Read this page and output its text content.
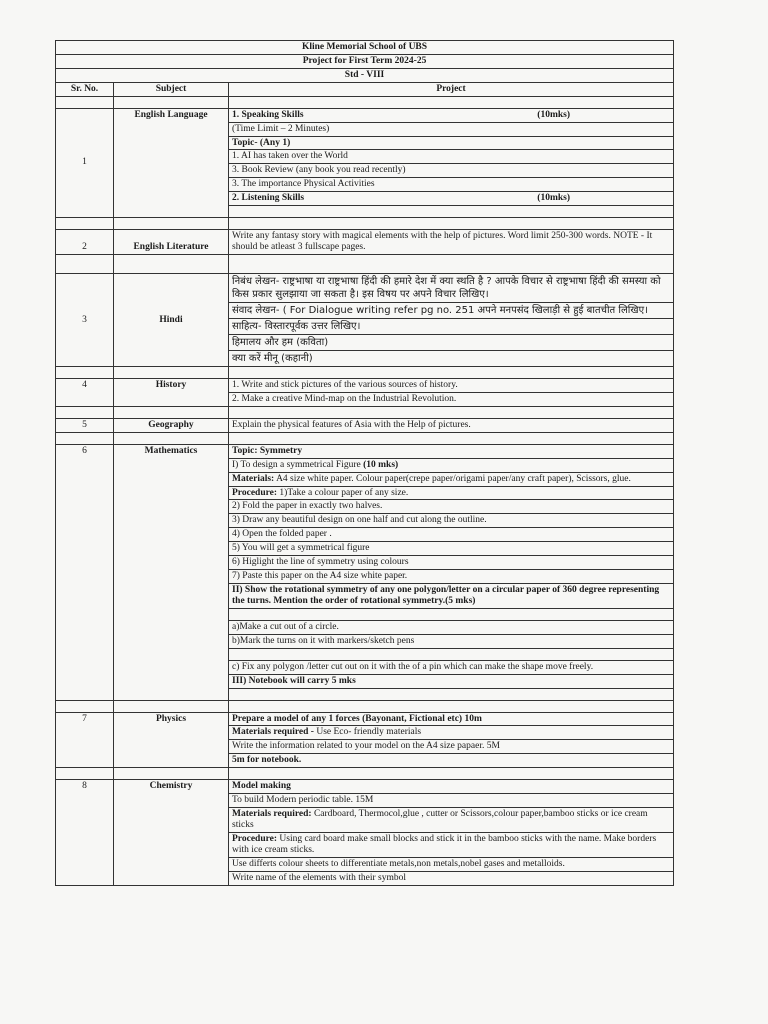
Kline Memorial School of UBS		
Project for First Term 2024-25		
Std - VIII		
Sr. No.	Subject	Project

1	English Language	1. Speaking Skills (10mks)

		(Time Limit – 2 Minutes)
		Topic- (Any 1)
		1. AI has taken over the World
		3. Book Review (any book you read recently)
		3. The importance Physical Activities
		2. Listening Skills (10mks)

2	English Literature	Write any fantasy story with magical elements with the help of pictures. Word limit 250-300 words. NOTE - It should be atleast 3 fullscape pages.

3	Hindi	निबंध लेखन- राष्ट्रभाषा या राष्ट्रभाषा हिंदी की हमारे देश में क्या स्थति है ? आपके विचार से राष्ट्रभाषा हिंदी की समस्या को किस प्रकार सुलझाया जा सकता है। इस विषय पर अपने विचार लिखिए।
		संवाद लेखन- ( For Dialogue writing refer pg no. 251 अपने मनपसंद खिलाड़ी से हुई बातचीत लिखिए।
		साहित्य- विस्तारपूर्वक उत्तर लिखिए।
		हिमालय और हम (कविता)
		क्या करें मीनू (कहानी)

4	History	1. Write and stick pictures of the various sources of history.
		2. Make a creative Mind-map on the Industrial Revolution.

5	Geography	Explain the physical features of Asia with the Help of pictures.

6	Mathematics	Topic: Symmetry
		I) To design a symmetrical Figure (10 mks)
		Materials: A4 size white paper. Colour paper(crepe paper/origami paper/any craft paper), Scissors, glue.
		Procedure: 1)Take a colour paper of any size.
		2) Fold the paper in exactly two halves.
		3) Draw any beautiful design on one half and cut along the outline.
		4) Open the folded paper .
		5) You will get a symmetrical figure
		6) Higlight the line of symmetry using colours
		7) Paste this paper on the A4 size white paper.
		II) Show the rotational symmetry of any one polygon/letter on a circular paper of 360 degree representing the turns. Mention the order of rotational symmetry.(5 mks)

		a)Make a cut out of a circle.
		b)Mark the turns on it with markers/sketch pens

		c) Fix any polygon /letter cut out on it with the of a pin which can make the shape move freely.
		III) Notebook will carry 5 mks

7	Physics	Prepare a model of any 1 forces (Bayonant, Fictional etc) 10m
		Materials required - Use Eco- friendly materials
		Write the information related to your model on the A4 size papaer. 5M
		5m for notebook.

8	Chemistry	Model making
		To build Modern periodic table. 15M
		Materials required: Cardboard, Thermocol,glue , cutter or Scissors,colour paper,bamboo sticks or ice cream sticks
		Procedure: Using card board make small blocks and stick it in the bamboo sticks with the name. Make borders with ice cream sticks.
		Use differts colour sheets to differentiate metals,non metals,nobel gases and metalloids.
		Write name of the elements with their symbol
